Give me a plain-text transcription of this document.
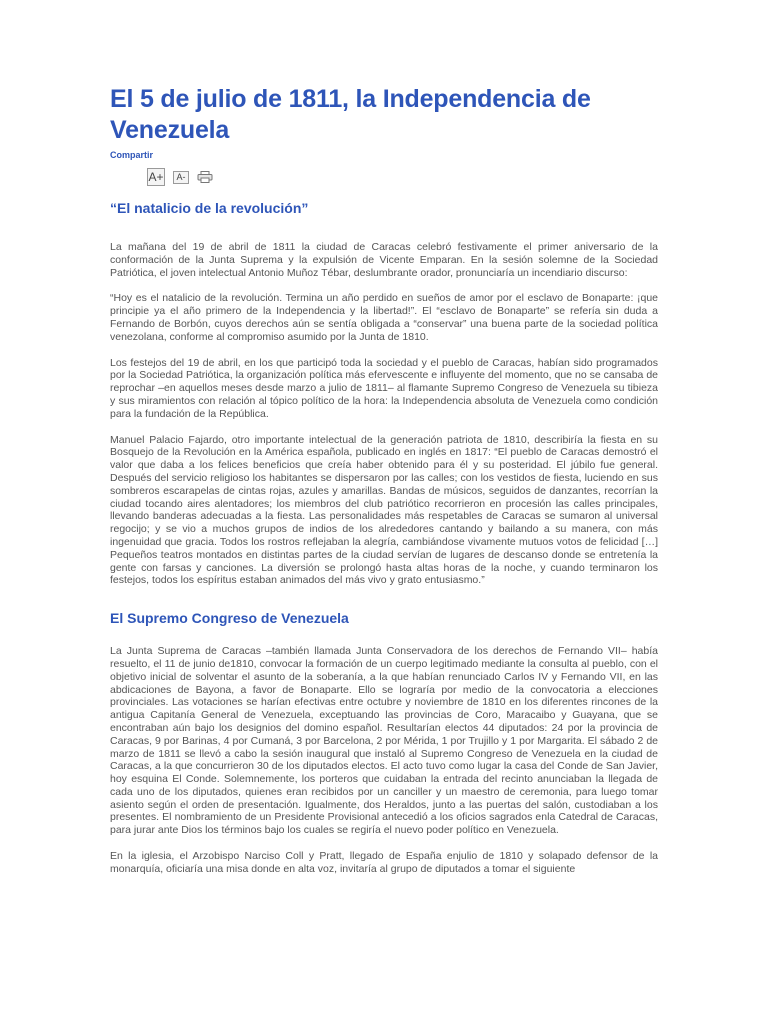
El 5 de julio de 1811, la Independencia de Venezuela
Compartir
A+	A-
“El natalicio de la revolución”

La mañana del 19 de abril de 1811 la ciudad de Caracas celebró festivamente el primer aniversario de la conformación de la Junta Suprema y la expulsión de Vicente Emparan. En la sesión solemne de la Sociedad Patriótica, el joven intelectual Antonio Muñoz Tébar, deslumbrante orador, pronunciaría un incendiario discurso:

“Hoy es el natalicio de la revolución. Termina un año perdido en sueños de amor por el esclavo de Bonaparte: ¡que principie ya el año primero de la Independencia y la libertad!”. El “esclavo de Bonaparte” se refería sin duda a Fernando de Borbón, cuyos derechos aún se sentía obligada a “conservar” una buena parte de la sociedad política venezolana, conforme al compromiso asumido por la Junta de 1810.

Los festejos del 19 de abril, en los que participó toda la sociedad y el pueblo de Caracas, habían sido programados por la Sociedad Patriótica, la organización política más efervescente e influyente del momento, que no se cansaba de reprochar –en aquellos meses desde marzo a julio de 1811– al flamante Supremo Congreso de Venezuela su tibieza y sus miramientos con relación al tópico político de la hora: la Independencia absoluta de Venezuela como condición para la fundación de la República.

Manuel Palacio Fajardo, otro importante intelectual de la generación patriota de 1810, describiría la fiesta en su Bosquejo de la Revolución en la América española, publicado en inglés en 1817: “El pueblo de Caracas demostró el valor que daba a los felices beneficios que creía haber obtenido para él y su posteridad. El júbilo fue general. Después del servicio religioso los habitantes se dispersaron por las calles; con los vestidos de fiesta, luciendo en sus sombreros escarapelas de cintas rojas, azules y amarillas. Bandas de músicos, seguidos de danzantes, recorrían la ciudad tocando aires alentadores; los miembros del club patriótico recorrieron en procesión las calles principales, llevando banderas adecuadas a la fiesta. Las personalidades más respetables de Caracas se sumaron al universal regocijo; y se vio a muchos grupos de indios de los alrededores cantando y bailando a su manera, con más ingenuidad que gracia. Todos los rostros reflejaban la alegría, cambiándose vivamente mutuos votos de felicidad […] Pequeños teatros montados en distintas partes de la ciudad servían de lugares de descanso donde se entretenía la gente con farsas y canciones. La diversión se prolongó hasta altas horas de la noche, y cuando terminaron los festejos, todos los espíritus estaban animados del más vivo y grato entusiasmo.”

El Supremo Congreso de Venezuela

La Junta Suprema de Caracas –también llamada Junta Conservadora de los derechos de Fernando VII– había resuelto, el 11 de junio de1810, convocar la formación de un cuerpo legitimado mediante la consulta al pueblo, con el objetivo inicial de solventar el asunto de la soberanía, a la que habían renunciado Carlos IV y Fernando VII, en las abdicaciones de Bayona, a favor de Bonaparte. Ello se lograría por medio de la convocatoria a elecciones provinciales. Las votaciones se harían efectivas entre octubre y noviembre de 1810 en los diferentes rincones de la antigua Capitanía General de Venezuela, exceptuando las provincias de Coro, Maracaibo y Guayana, que se encontraban aún bajo los designios del domino español. Resultarían electos 44 diputados: 24 por la provincia de Caracas, 9 por Barinas, 4 por Cumaná, 3 por Barcelona, 2 por Mérida, 1 por Trujillo y 1 por Margarita. El sábado 2 de marzo de 1811 se llevó a cabo la sesión inaugural que instaló al Supremo Congreso de Venezuela en la ciudad de Caracas, a la que concurrieron 30 de los diputados electos. El acto tuvo como lugar la casa del Conde de San Javier, hoy esquina El Conde. Solemnemente, los porteros que cuidaban la entrada del recinto anunciaban la llegada de cada uno de los diputados, quienes eran recibidos por un canciller y un maestro de ceremonia, para luego tomar asiento según el orden de presentación. Igualmente, dos Heraldos, junto a las puertas del salón, custodiaban a los presentes. El nombramiento de un Presidente Provisional antecedió a los oficios sagrados enla Catedral de Caracas, para jurar ante Dios los términos bajo los cuales se regiría el nuevo poder político en Venezuela.

En la iglesia, el Arzobispo Narciso Coll y Pratt, llegado de España enjulio de 1810 y solapado defensor de la monarquía, oficiaría una misa donde en alta voz, invitaría al grupo de diputados a tomar el siguiente
